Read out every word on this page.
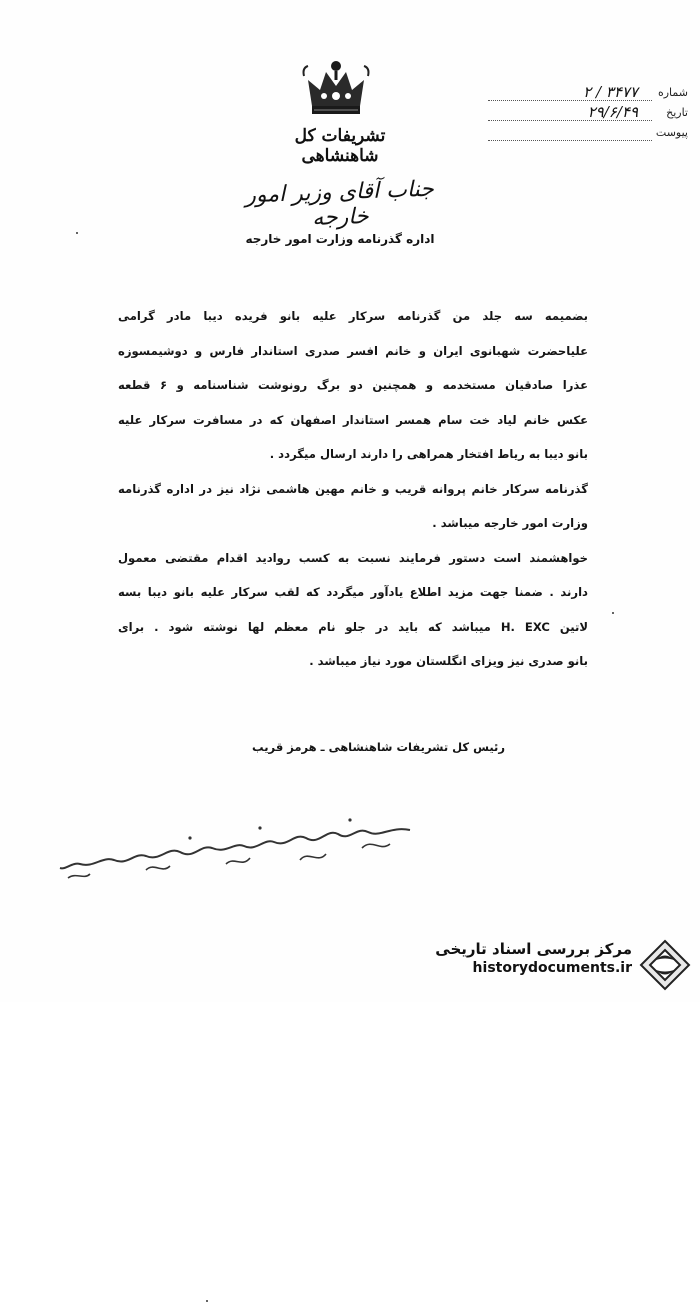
تشریفات کل شاهنشاهی
شماره
۳۴۷۷ / ۲
تاریخ
۲۹/۶/۴۹
پیوست
جناب آقای وزیر امور خارجه
اداره گذرنامه وزارت امور خارجه
بضمیمه سه جلد من گذرنامه سرکار علیه بانو فریده دیبا مادر گرامی
علیاحضرت شهبانوی ایران و خانم افسر صدری استاندار فارس و دوشیمسوزه
عذرا صادقیان مستخدمه و همچنین دو برگ رونوشت شناسنامه و ۶ قطعه
عکس خانم لیاد خت سام همسر استاندار اصفهان که در مسافرت سرکار علیه
بانو دیبا به ریاط افتخار همراهی را دارند ارسال میگردد .
گذرنامه سرکار خانم پروانه قریب و خانم مهین هاشمی نژاد نیز در اداره گذرنامه
وزارت امور خارجه میباشد .
خواهشمند است دستور فرمایند نسبت به کسب روادید اقدام مقتضی معمول
دارند . ضمنا جهت مزید اطلاع یادآور میگردد که لقب سرکار علیه بانو دیبا بسه
لاتین H. EXC میباشد که باید در جلو نام معظم لها نوشته شود . برای
بانو صدری نیز ویزای انگلستان مورد نیاز میباشد .
رئیس کل تشریفات شاهنشاهی ـ هرمز قریب
مرکز بررسی اسناد تاریخی
historydocuments.ir
